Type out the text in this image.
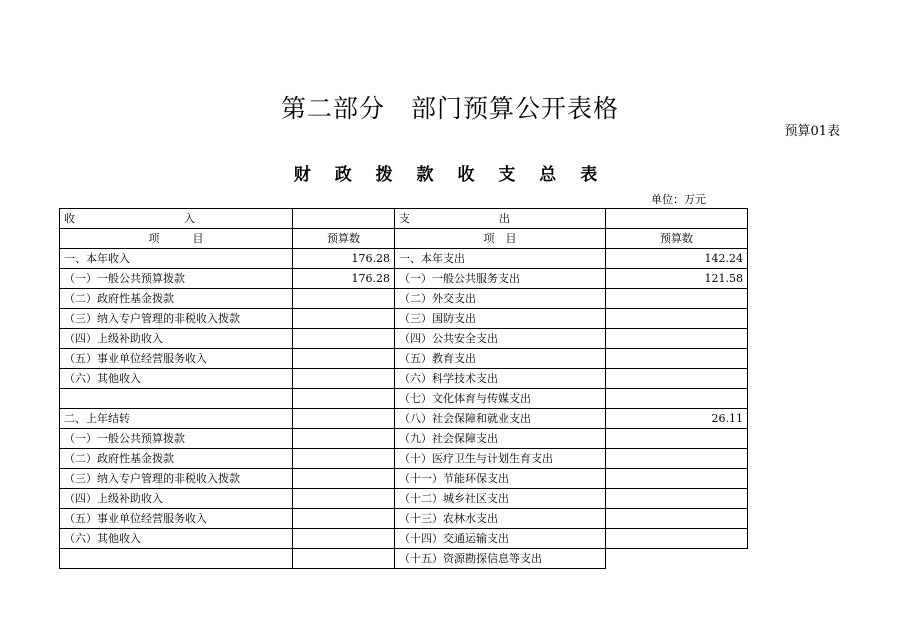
第二部分　部门预算公开表格
预算01表
财 政 拨 款 收 支 总 表
单位：万元
收 入		支 出	
项　　　目	预算数	项　目	预算数
一、本年收入	176.28	一、本年支出	142.24
（一）一般公共预算拨款	176.28	（一）一般公共服务支出	121.58
（二）政府性基金拨款		（二）外交支出	
（三）纳入专户管理的非税收入拨款		（三）国防支出	
（四）上级补助收入		（四）公共安全支出	
（五）事业单位经营服务收入		（五）教育支出	
（六）其他收入		（六）科学技术支出	
		（七）文化体育与传媒支出	
二、上年结转		（八）社会保障和就业支出	26.11
（一）一般公共预算拨款		（九）社会保障支出	
（二）政府性基金拨款		（十）医疗卫生与计划生育支出	
（三）纳入专户管理的非税收入拨款		（十一）节能环保支出	
（四）上级补助收入		（十二）城乡社区支出	
（五）事业单位经营服务收入		（十三）农林水支出	
（六）其他收入		（十四）交通运输支出	
		（十五）资源勘探信息等支出	
